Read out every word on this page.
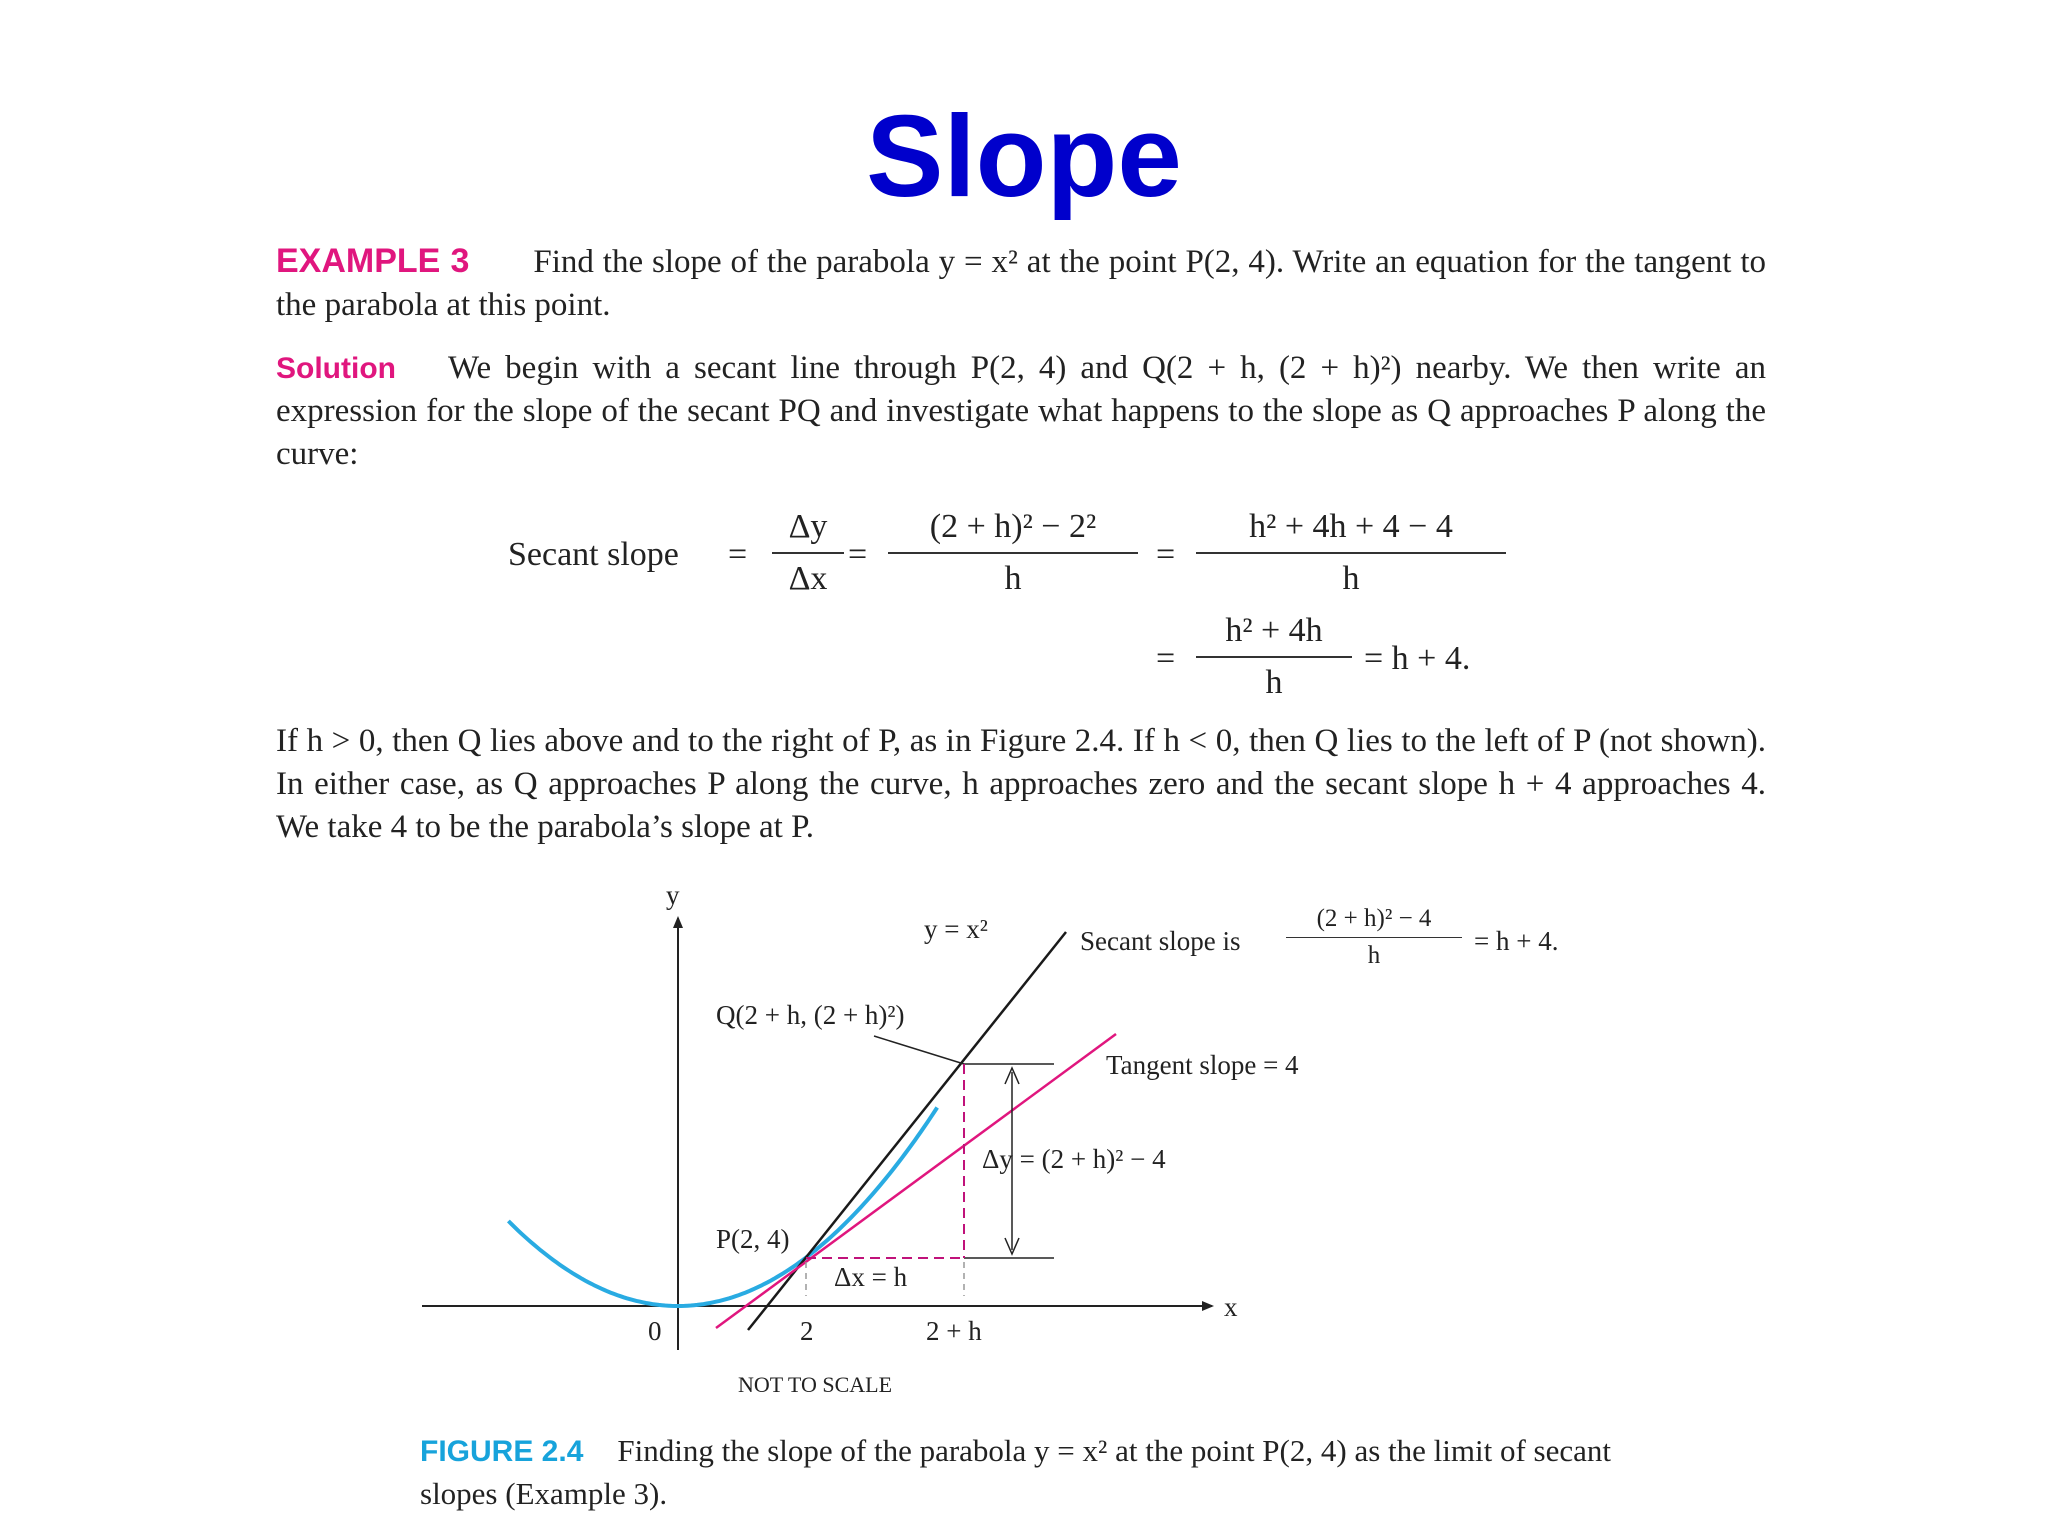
Slope

EXAMPLE 3 Find the slope of the parabola y = x² at the point P(2, 4). Write an equation for the tangent to the parabola at this point.

Solution We begin with a secant line through P(2, 4) and Q(2 + h, (2 + h)²) nearby. We then write an expression for the slope of the secant PQ and investigate what happens to the slope as Q approaches P along the curve:

Secant slope = $\frac{\Delta y}{\Delta x} = \frac{\text{(2 + h)² − 2²}}{h} = \frac{\text{h² + 4h + 4 − 4}}{h}$
= $\frac{\text{h² + 4h}}{h} = h + 4$.
If h > 0, then Q lies above and to the right of P, as in Figure 2.4. If h < 0, then Q lies to the left of P (not shown). In either case, as Q approaches P along the curve, h approaches zero and the secant slope h + 4 approaches 4. We take 4 to be the parabola’s slope at P.
y
x
y = x²
0	2	2 + h
Q(2 + h, (2 + h)²)
P(2, 4)
Secant slope is $\frac{\text{(2 + h)² − 4}}{h} = h + 4$.
Tangent slope = 4
Δy = (2 + h)² − 4
Δx = h
NOT TO SCALE
FIGURE 2.4 Finding the slope of the parabola y = x² at the point P(2, 4) as the limit of secant slopes (Example 3).
